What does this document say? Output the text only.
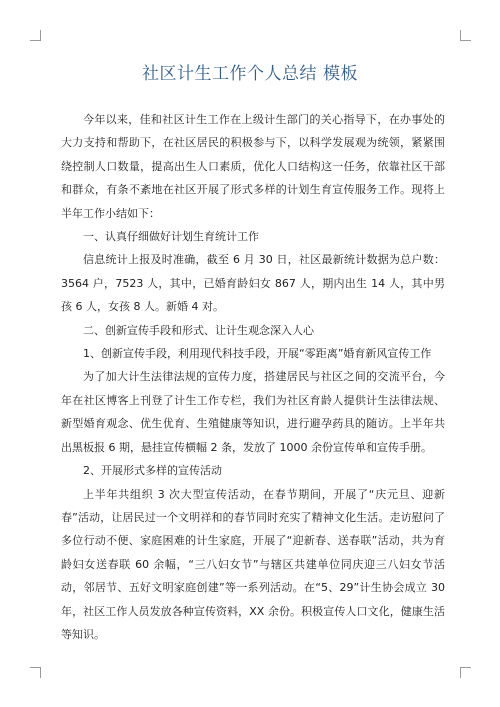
社区计生工作个人总结 模板

今年以来，佳和社区计生工作在上级计生部门的关心指导下，在办事处的大力支持和帮助下，在社区居民的积极参与下，以科学发展观为统领，紧紧围绕控制人口数量，提高出生人口素质，优化人口结构这一任务，依靠社区干部和群众，有条不紊地在社区开展了形式多样的计划生育宣传服务工作。现将上半年工作小结如下：

一、认真仔细做好计划生育统计工作

信息统计上报及时准确，截至 6 月 30 日，社区最新统计数据为总户数：3564 户，7523 人，其中，已婚育龄妇女 867 人，期内出生 14 人，其中男孩 6 人，女孩 8 人。新婚 4 对。

二、创新宣传手段和形式、让计生观念深入人心

1、创新宣传手段，利用现代科技手段，开展“零距离”婚育新风宣传工作

为了加大计生法律法规的宣传力度，搭建居民与社区之间的交流平台，今年在社区博客上刊登了计生工作专栏，我们为社区育龄人提供计生法律法规、新型婚育观念、优生优育、生殖健康等知识，进行避孕药具的随访。上半年共出黑板报 6 期，悬挂宣传横幅 2 条，发放了 1000 余份宣传单和宣传手册。

2、开展形式多样的宣传活动

上半年共组织 3 次大型宣传活动，在春节期间，开展了“庆元旦、迎新春”活动，让居民过一个文明祥和的春节同时充实了精神文化生活。走访慰问了多位行动不便、家庭困难的计生家庭，开展了“迎新春、送春联”活动，共为育龄妇女送春联 60 余幅，“三八妇女节”与辖区共建单位同庆迎三八妇女节活动，邻居节、五好文明家庭创建”等一系列活动。在“5、29”计生协会成立 30 年，社区工作人员发放各种宣传资料，XX 余份。积极宣传人口文化，健康生活等知识。
